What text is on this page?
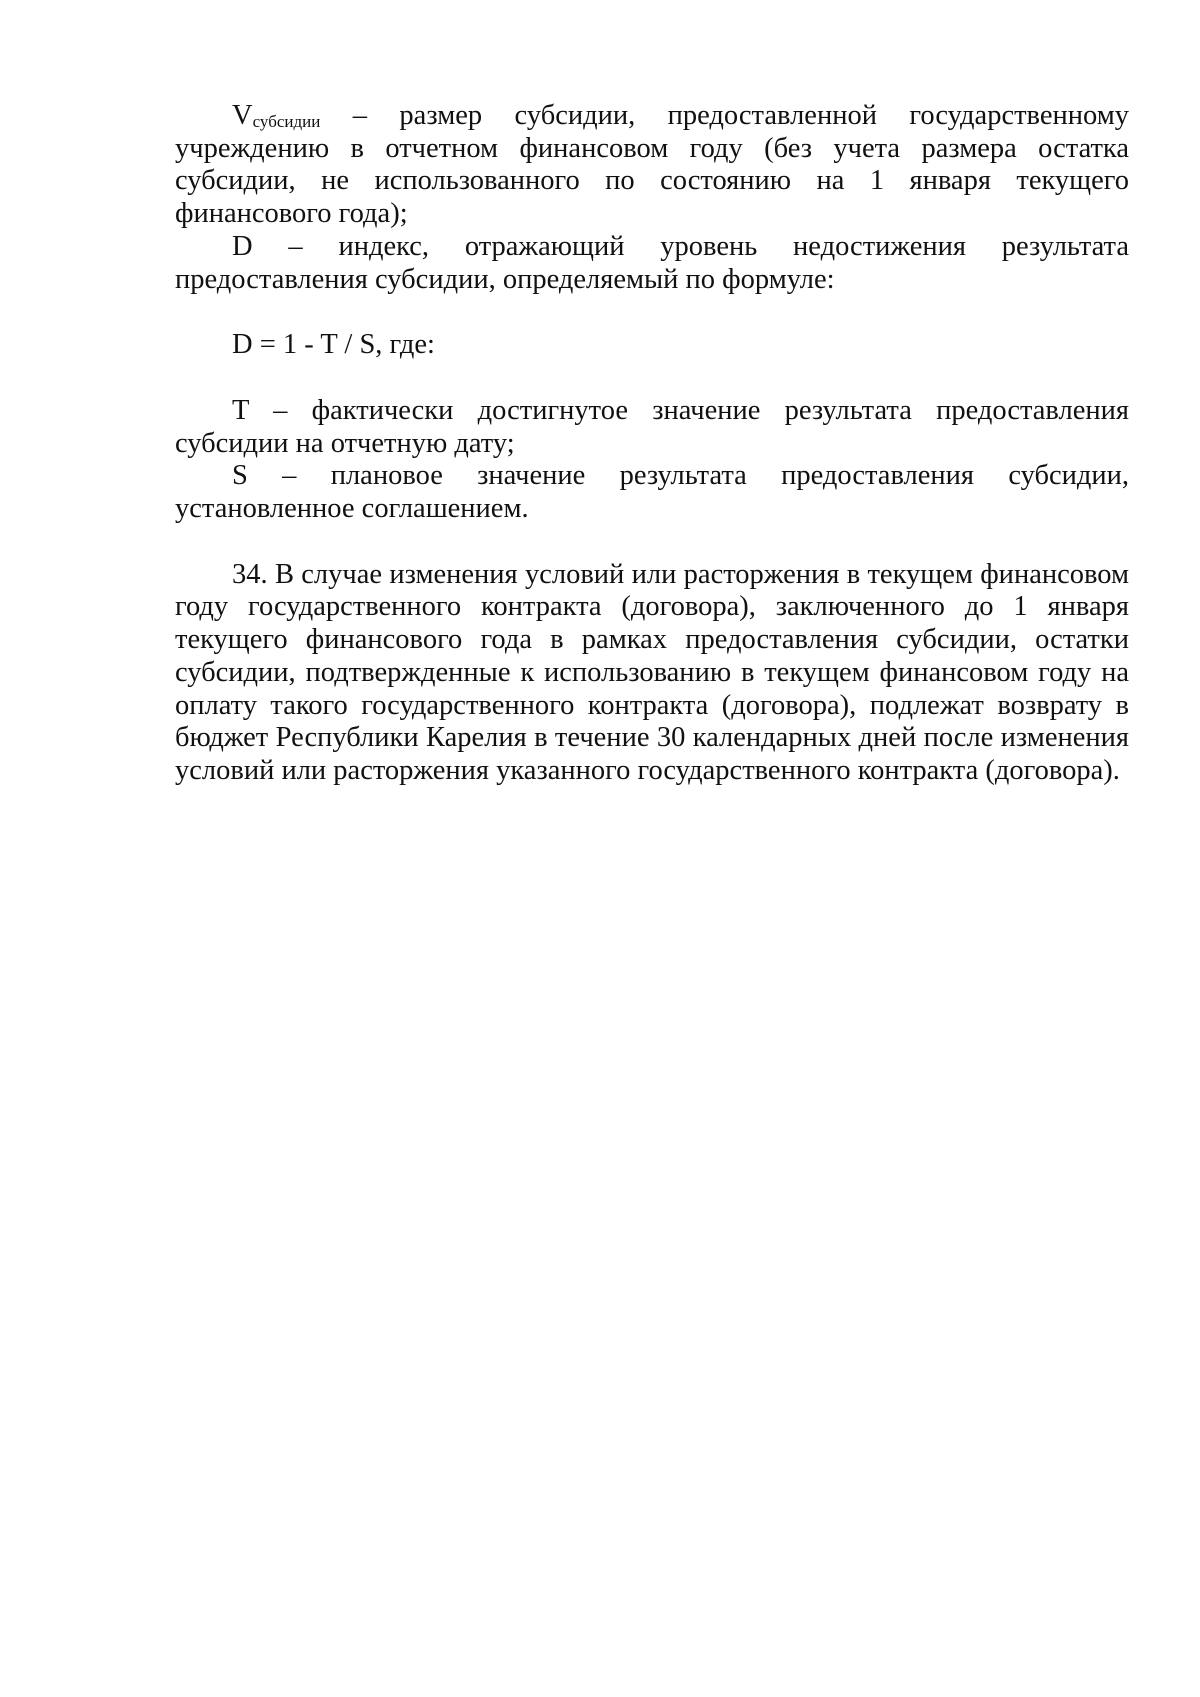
$V_{субсидии}$ – размер субсидии, предоставленной государственному учреждению в отчетном финансовом году (без учета размера остатка субсидии, не использованного по состоянию на 1 января текущего финансового года);

D – индекс, отражающий уровень недостижения результата предоставления субсидии, определяемый по формуле:

D = 1 - T / S, где:

T – фактически достигнутое значение результата предоставления субсидии на отчетную дату;

S – плановое значение результата предоставления субсидии, установленное соглашением.

34. В случае изменения условий или расторжения в текущем финансовом году государственного контракта (договора), заключенного до 1 января текущего финансового года в рамках предоставления субсидии, остатки субсидии, подтвержденные к использованию в текущем финансовом году на оплату такого государственного контракта (договора), подлежат возврату в бюджет Республики Карелия в течение 30 календарных дней после изменения условий или расторжения указанного государственного контракта (договора).
